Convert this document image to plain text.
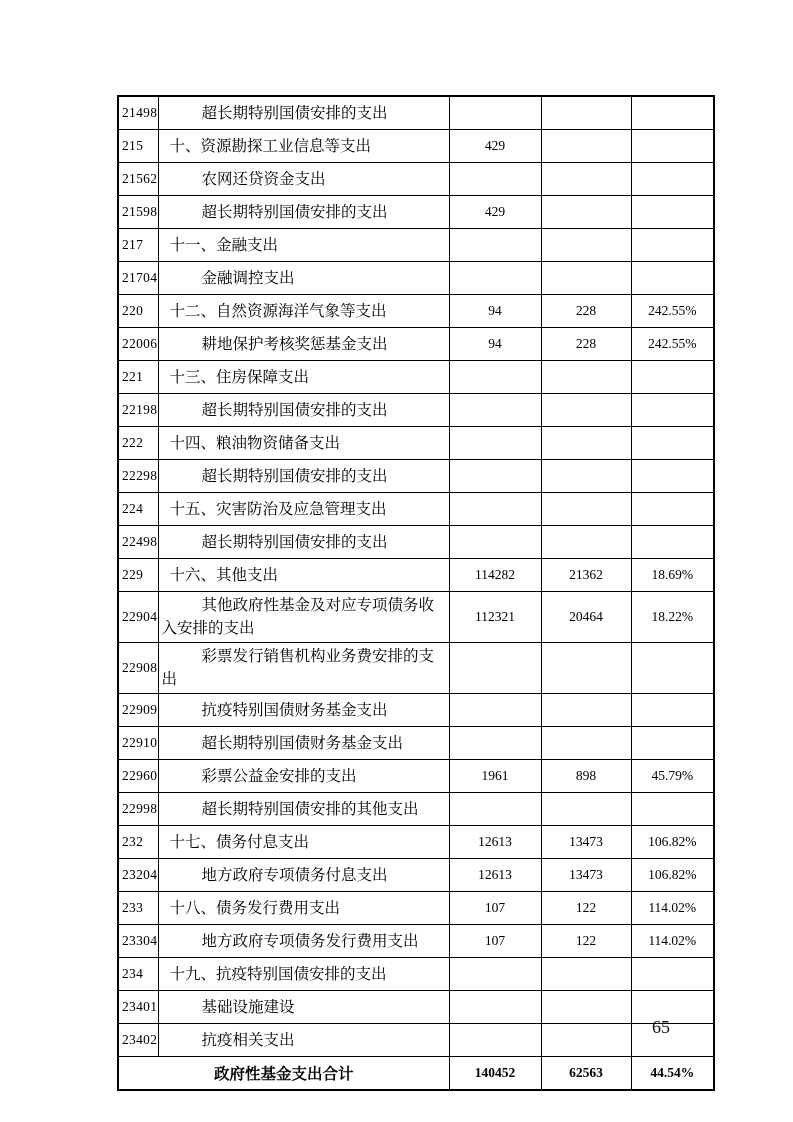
21498	超长期特别国债安排的支出			
215	十、资源勘探工业信息等支出	429		
21562	农网还贷资金支出			
21598	超长期特别国债安排的支出	429		
217	十一、金融支出			
21704	金融调控支出			
220	十二、自然资源海洋气象等支出	94	228	242.55%
22006	耕地保护考核奖惩基金支出	94	228	242.55%
221	十三、住房保障支出			
22198	超长期特别国债安排的支出			
222	十四、粮油物资储备支出			
22298	超长期特别国债安排的支出			
224	十五、灾害防治及应急管理支出			
22498	超长期特别国债安排的支出			
229	十六、其他支出	114282	21362	18.69%
22904	其他政府性基金及对应专项债务收入安排的支出	112321	20464	18.22%
22908	彩票发行销售机构业务费安排的支出			
22909	抗疫特别国债财务基金支出			
22910	超长期特别国债财务基金支出			
22960	彩票公益金安排的支出	1961	898	45.79%
22998	超长期特别国债安排的其他支出			
232	十七、债务付息支出	12613	13473	106.82%
23204	地方政府专项债务付息支出	12613	13473	106.82%
233	十八、债务发行费用支出	107	122	114.02%
23304	地方政府专项债务发行费用支出	107	122	114.02%
234	十九、抗疫特别国债安排的支出			
23401	基础设施建设			
23402	抗疫相关支出			
政府性基金支出合计		140452	62563	44.54%
65
